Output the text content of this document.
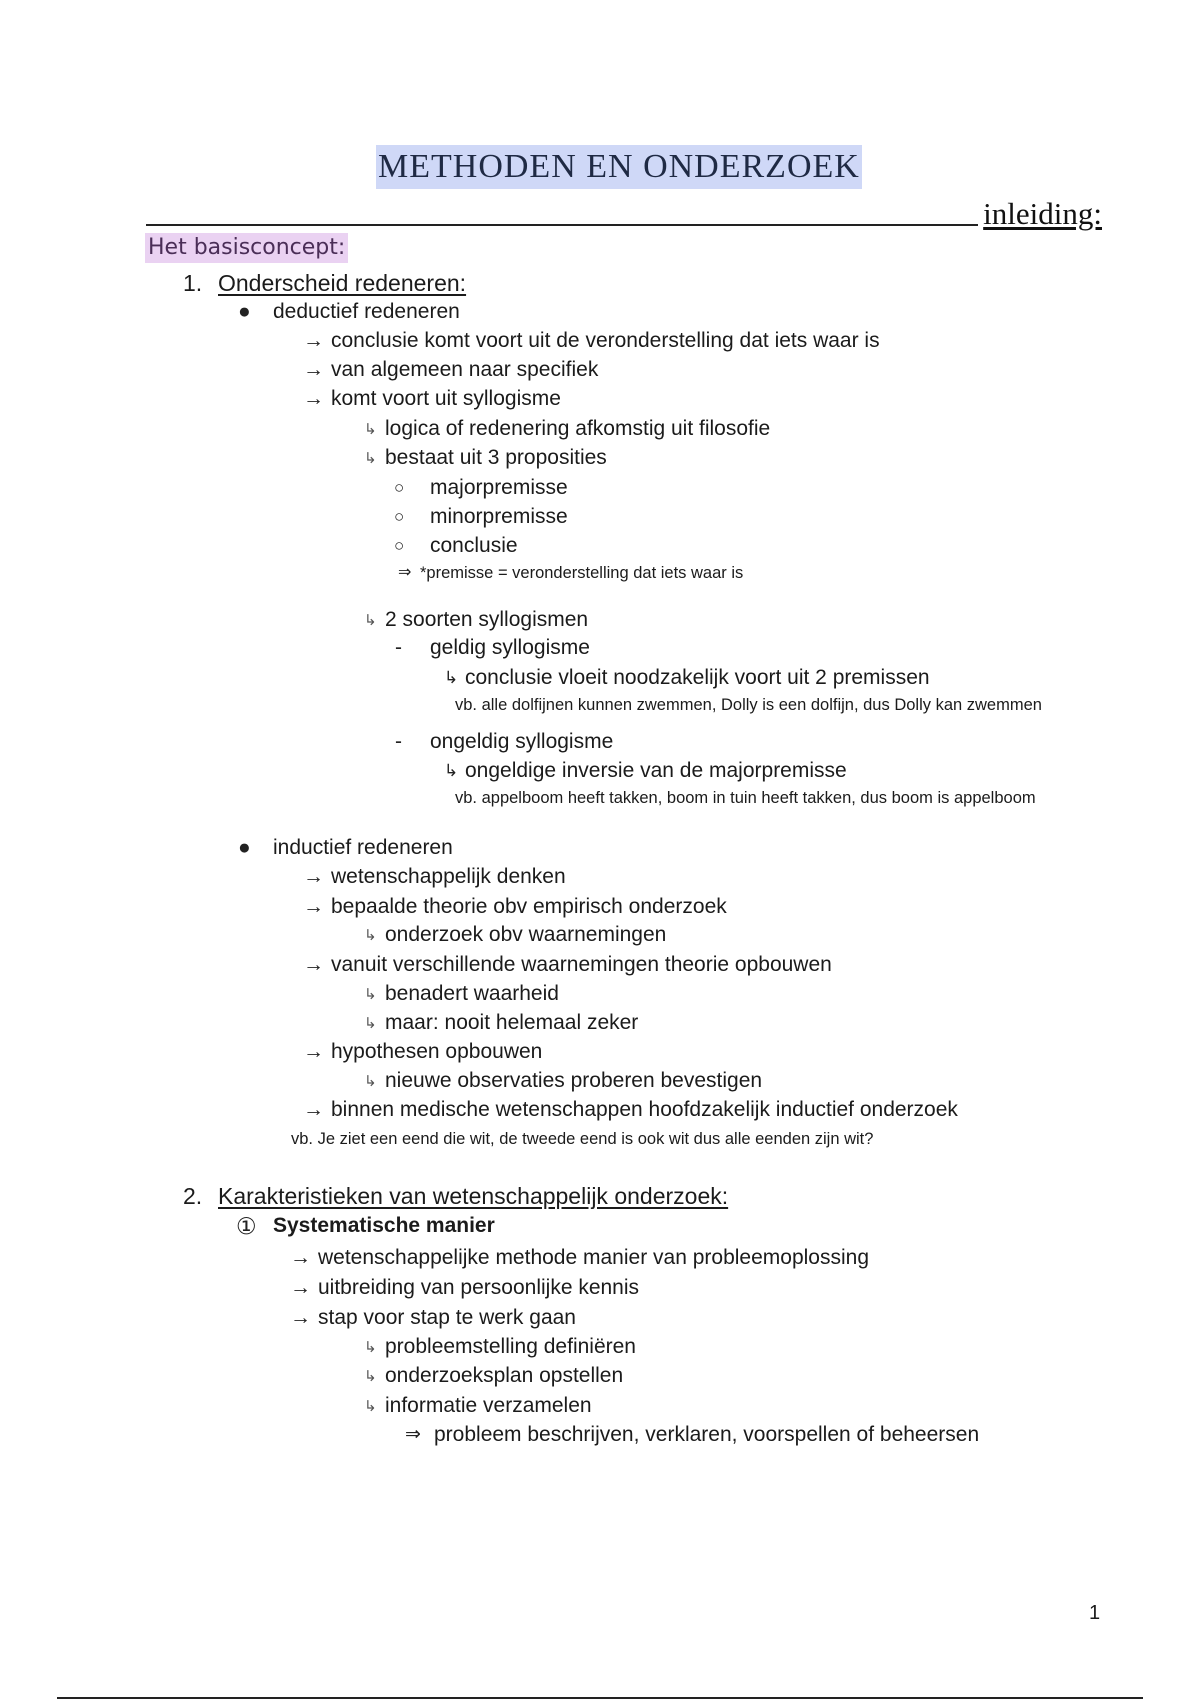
METHODEN EN ONDERZOEK
inleiding:
Het basisconcept:
1. Onderscheid redeneren:
● deductief redeneren
→ conclusie komt voort uit de veronderstelling dat iets waar is
→ van algemeen naar specifiek
→ komt voort uit syllogisme
↳ logica of redenering afkomstig uit filosofie
↳ bestaat uit 3 proposities
○ majorpremisse
○ minorpremisse
○ conclusie
⇒ *premisse = veronderstelling dat iets waar is
↳ 2 soorten syllogismen
- geldig syllogisme
↳ conclusie vloeit noodzakelijk voort uit 2 premissen
vb. alle dolfijnen kunnen zwemmen, Dolly is een dolfijn, dus Dolly kan zwemmen
- ongeldig syllogisme
↳ ongeldige inversie van de majorpremisse
vb. appelboom heeft takken, boom in tuin heeft takken, dus boom is appelboom
● inductief redeneren
→ wetenschappelijk denken
→ bepaalde theorie obv empirisch onderzoek
↳ onderzoek obv waarnemingen
→ vanuit verschillende waarnemingen theorie opbouwen
↳ benadert waarheid
↳ maar: nooit helemaal zeker
→ hypothesen opbouwen
↳ nieuwe observaties proberen bevestigen
→ binnen medische wetenschappen hoofdzakelijk inductief onderzoek
vb. Je ziet een eend die wit, de tweede eend is ook wit dus alle eenden zijn wit?
2. Karakteristieken van wetenschappelijk onderzoek:
① Systematische manier
→ wetenschappelijke methode manier van probleemoplossing
→ uitbreiding van persoonlijke kennis
→ stap voor stap te werk gaan
↳ probleemstelling definiëren
↳ onderzoeksplan opstellen
↳ informatie verzamelen
⇒ probleem beschrijven, verklaren, voorspellen of beheersen
1
